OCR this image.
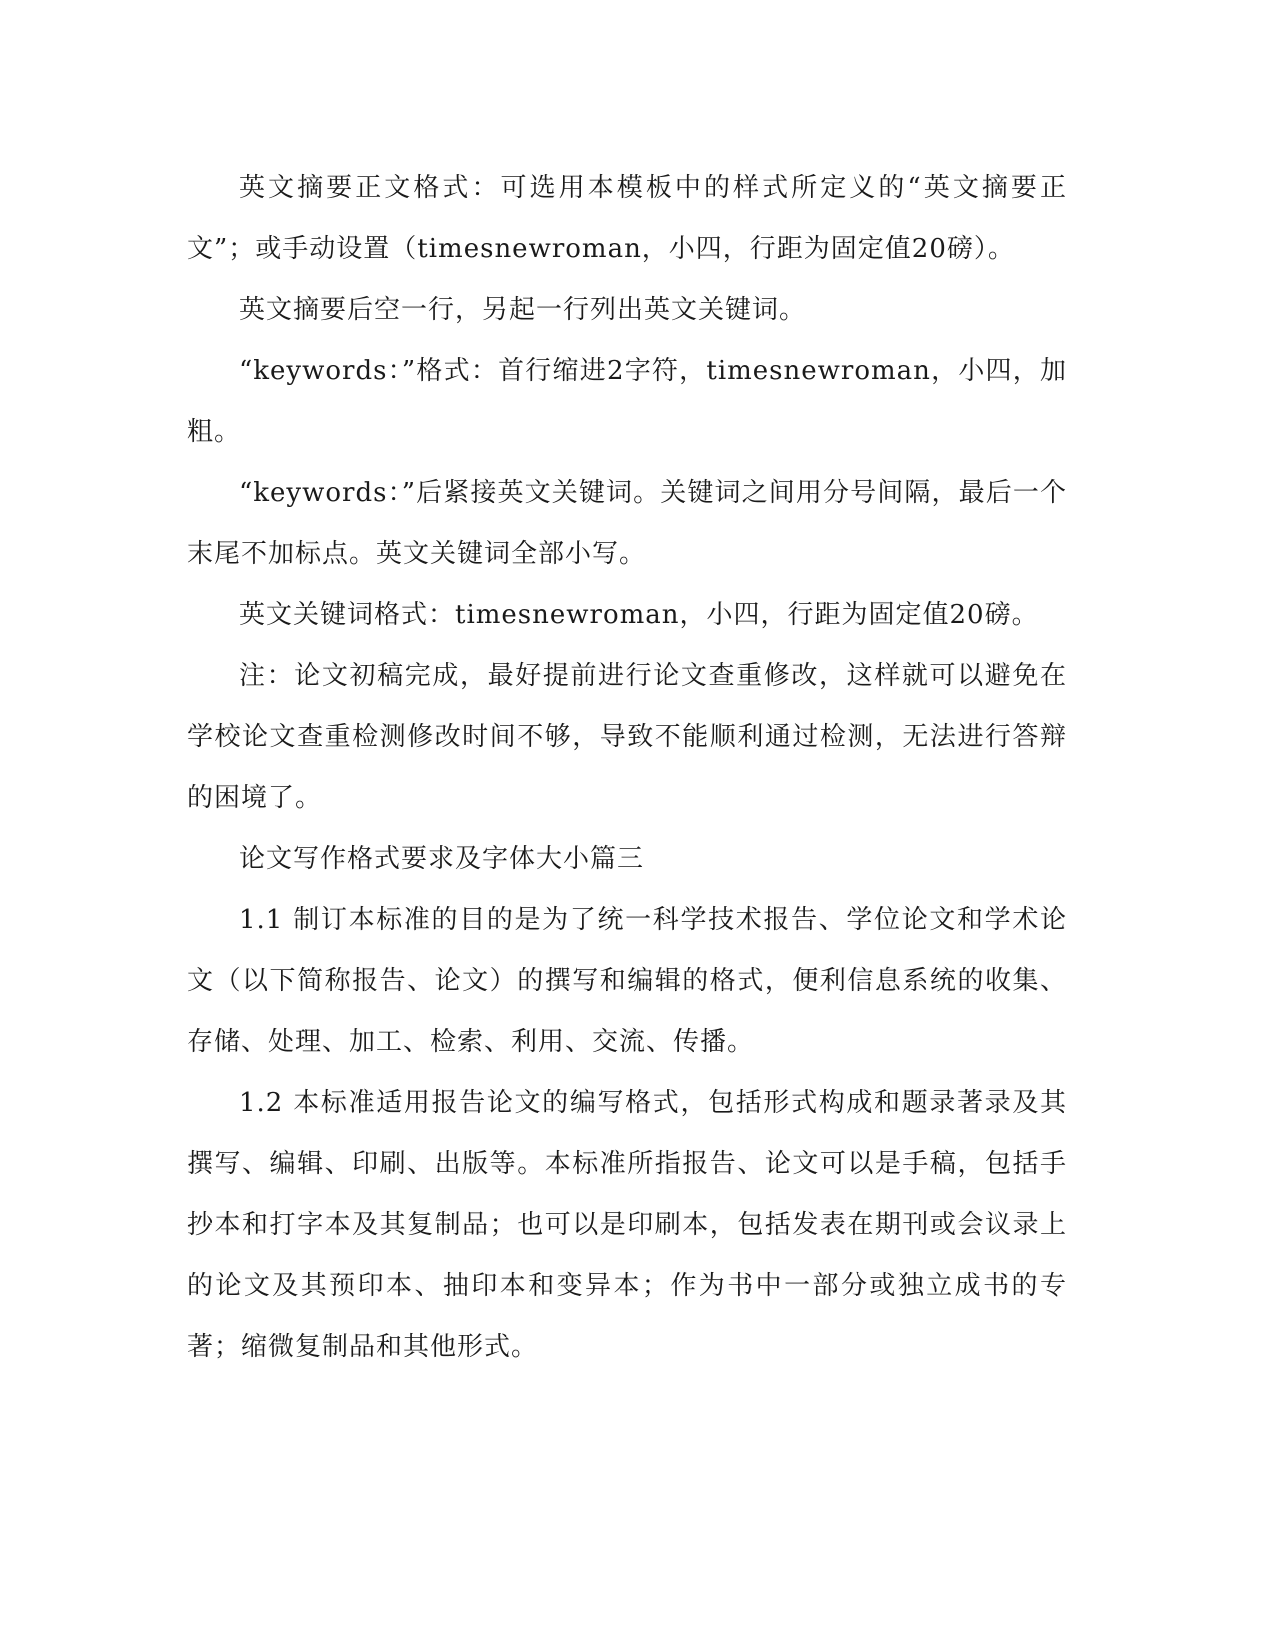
英文摘要正文格式：可选用本模板中的样式所定义的“英文摘要正文”；或手动设置（timesnewroman，小四，行距为固定值20磅）。

英文摘要后空一行，另起一行列出英文关键词。

“keywords：”格式：首行缩进2字符，timesnewroman，小四，加粗。

“keywords：”后紧接英文关键词。关键词之间用分号间隔，最后一个末尾不加标点。英文关键词全部小写。

英文关键词格式：timesnewroman，小四，行距为固定值20磅。

注：论文初稿完成，最好提前进行论文查重修改，这样就可以避免在学校论文查重检测修改时间不够，导致不能顺利通过检测，无法进行答辩的困境了。

论文写作格式要求及字体大小篇三

1.1 制订本标准的目的是为了统一科学技术报告、学位论文和学术论文（以下简称报告、论文）的撰写和编辑的格式，便利信息系统的收集、存储、处理、加工、检索、利用、交流、传播。

1.2 本标准适用报告论文的编写格式，包括形式构成和题录著录及其撰写、编辑、印刷、出版等。本标准所指报告、论文可以是手稿，包括手抄本和打字本及其复制品；也可以是印刷本，包括发表在期刊或会议录上的论文及其预印本、抽印本和变异本；作为书中一部分或独立成书的专著；缩微复制品和其他形式。
